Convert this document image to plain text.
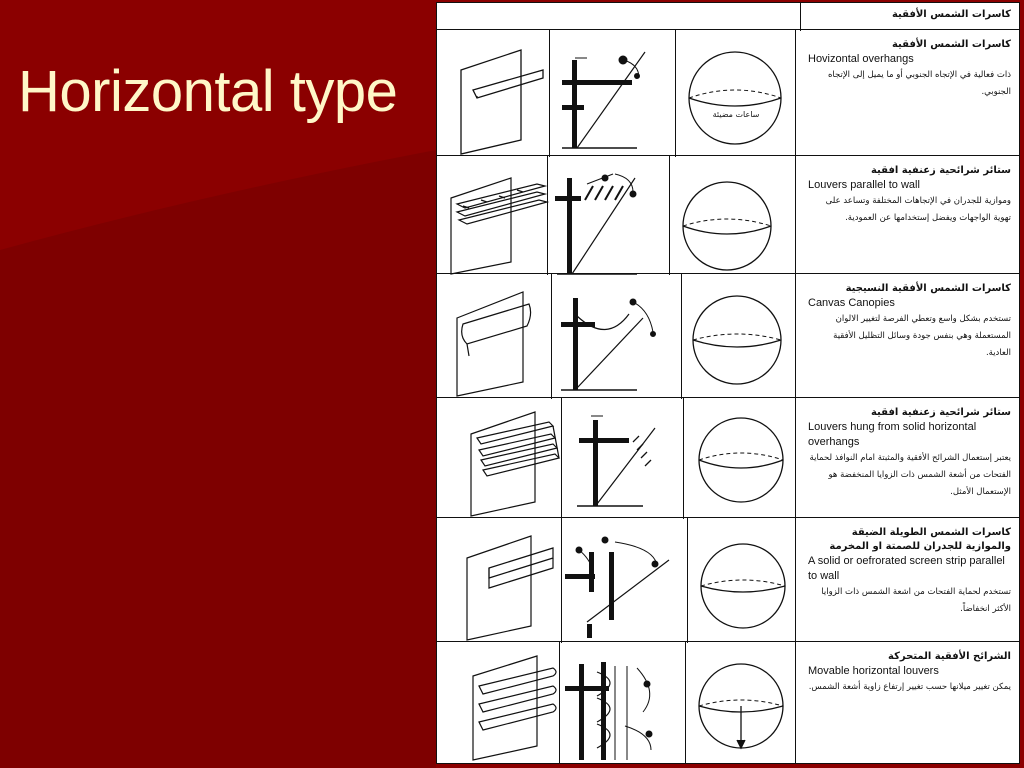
Horizontal type
كاسرات الشمس الأفقية
كاسرات الشمس الأفقية
Hovizontal overhangs
ذات فعالية في الإتجاه الجنوبي أو ما يميل إلى الإتجاه الجنوبي.
ساعات مضيئة
ستائر شرائحية زعنفية افقية
Louvers parallel to wall
وموازية للجدران في الإتجاهات المختلفة وتساعد على تهوية الواجهات ويفضل إستخدامها عن العمودية.
كاسرات الشمس الأفقية النسيجية
Canvas Canopies
تستخدم بشكل واسع وتعطي الفرصة لتغيير الالوان المستعملة وهي بنفس جودة وسائل التظليل الأفقية العادية.
ستائر شرائحية زعنفية افقية
Louvers hung from solid horizontal overhangs
يعتبر إستعمال الشرائح الأفقية والمثبتة امام النوافذ لحماية الفتحات من أشعة الشمس ذات الزوايا المنخفضة هو الإستعمال الأمثل.
كاسرات الشمس الطويلة الضيقة والموازية للجدران للصمتة او المخرمة
A solid or oefrorated screen strip parallel to wall
تستخدم لحماية الفتحات من اشعة الشمس ذات الزوايا الأكثر انخفاضاً.
الشرائح الأفقية المتحركة
Movable horizontal louvers
يمكن تغيير ميلانها حسب تغيير إرتفاع زاوية أشعة الشمس.
